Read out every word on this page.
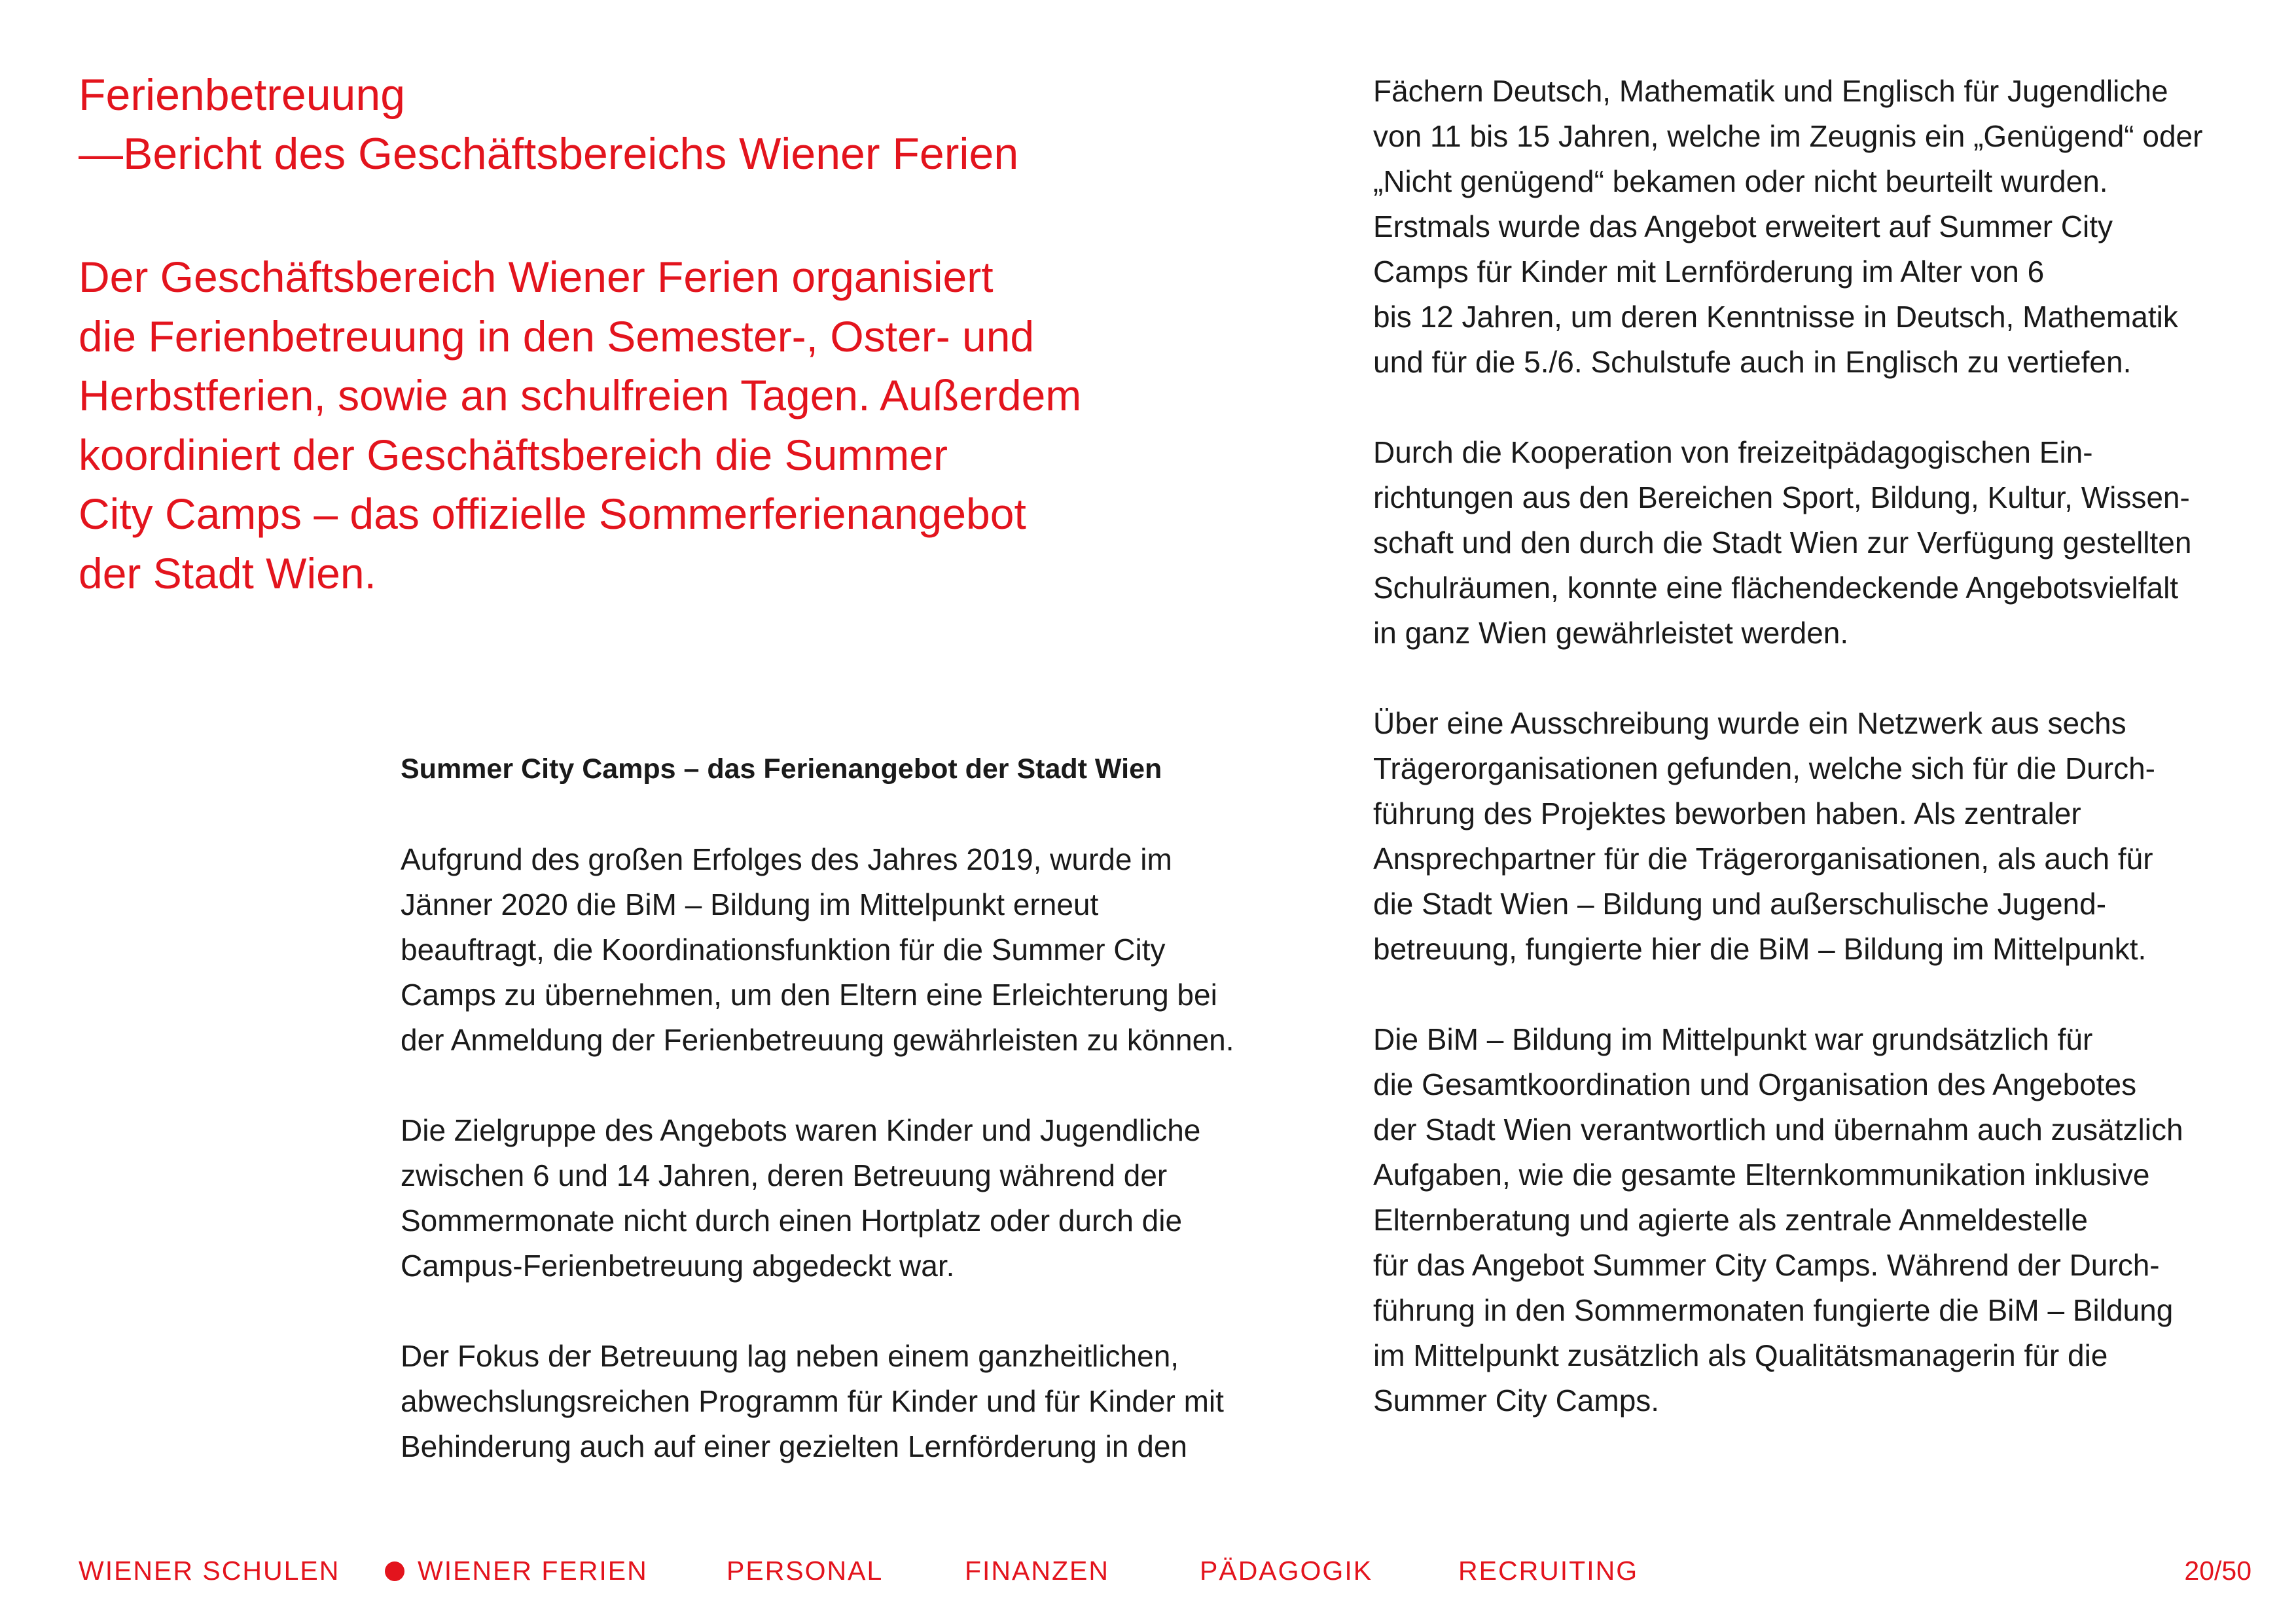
Ferienbetreuung
—Bericht des Geschäftsbereichs Wiener Ferien
Der Geschäftsbereich Wiener Ferien organisiert
die Ferienbetreuung in den Semester-, Oster- und
Herbstferien, sowie an schulfreien Tagen. Außerdem
koordiniert der Geschäftsbereich die Summer
City Camps – das offizielle Sommerferienangebot
der Stadt Wien.
Summer City Camps – das Ferienangebot der Stadt Wien
Aufgrund des großen Erfolges des Jahres 2019, wurde im
Jänner 2020 die BiM – Bildung im Mittelpunkt erneut
beauftragt, die Koordinationsfunktion für die Summer City
Camps zu übernehmen, um den Eltern eine Erleichterung bei
der Anmeldung der Ferienbetreuung gewährleisten zu können.
Die Zielgruppe des Angebots waren Kinder und Jugendliche
zwischen 6 und 14 Jahren, deren Betreuung während der
Sommermonate nicht durch einen Hortplatz oder durch die
Campus-Ferienbetreuung abgedeckt war.
Der Fokus der Betreuung lag neben einem ganzheitlichen,
abwechslungsreichen Programm für Kinder und für Kinder mit
Behinderung auch auf einer gezielten Lernförderung in den
Fächern Deutsch, Mathematik und Englisch für Jugendliche
von 11 bis 15 Jahren, welche im Zeugnis ein „Genügend“ oder
„Nicht genügend“ bekamen oder nicht beurteilt wurden.
Erstmals wurde das Angebot erweitert auf Summer City
Camps für Kinder mit Lernförderung im Alter von 6
bis 12 Jahren, um deren Kenntnisse in Deutsch, Mathematik
und für die 5./6. Schulstufe auch in Englisch zu vertiefen.
Durch die Kooperation von freizeitpädagogischen Ein-
richtungen aus den Bereichen Sport, Bildung, Kultur, Wissen-
schaft und den durch die Stadt Wien zur Verfügung gestellten
Schulräumen, konnte eine flächendeckende Angebotsvielfalt
in ganz Wien gewährleistet werden.
Über eine Ausschreibung wurde ein Netzwerk aus sechs
Trägerorganisationen gefunden, welche sich für die Durch-
führung des Projektes beworben haben. Als zentraler
Ansprechpartner für die Trägerorganisationen, als auch für
die Stadt Wien – Bildung und außerschulische Jugend-
betreuung, fungierte hier die BiM – Bildung im Mittelpunkt.
Die BiM – Bildung im Mittelpunkt war grundsätzlich für
die Gesamtkoordination und Organisation des Angebotes
der Stadt Wien verantwortlich und übernahm auch zusätzlich
Aufgaben, wie die gesamte Elternkommunikation inklusive
Elternberatung und agierte als zentrale Anmeldestelle
für das Angebot Summer City Camps. Während der Durch-
führung in den Sommermonaten fungierte die BiM – Bildung
im Mittelpunkt zusätzlich als Qualitätsmanagerin für die
Summer City Camps.
WIENER SCHULEN	WIENER FERIEN	PERSONAL	FINANZEN	PÄDAGOGIK	RECRUITING	20/50
